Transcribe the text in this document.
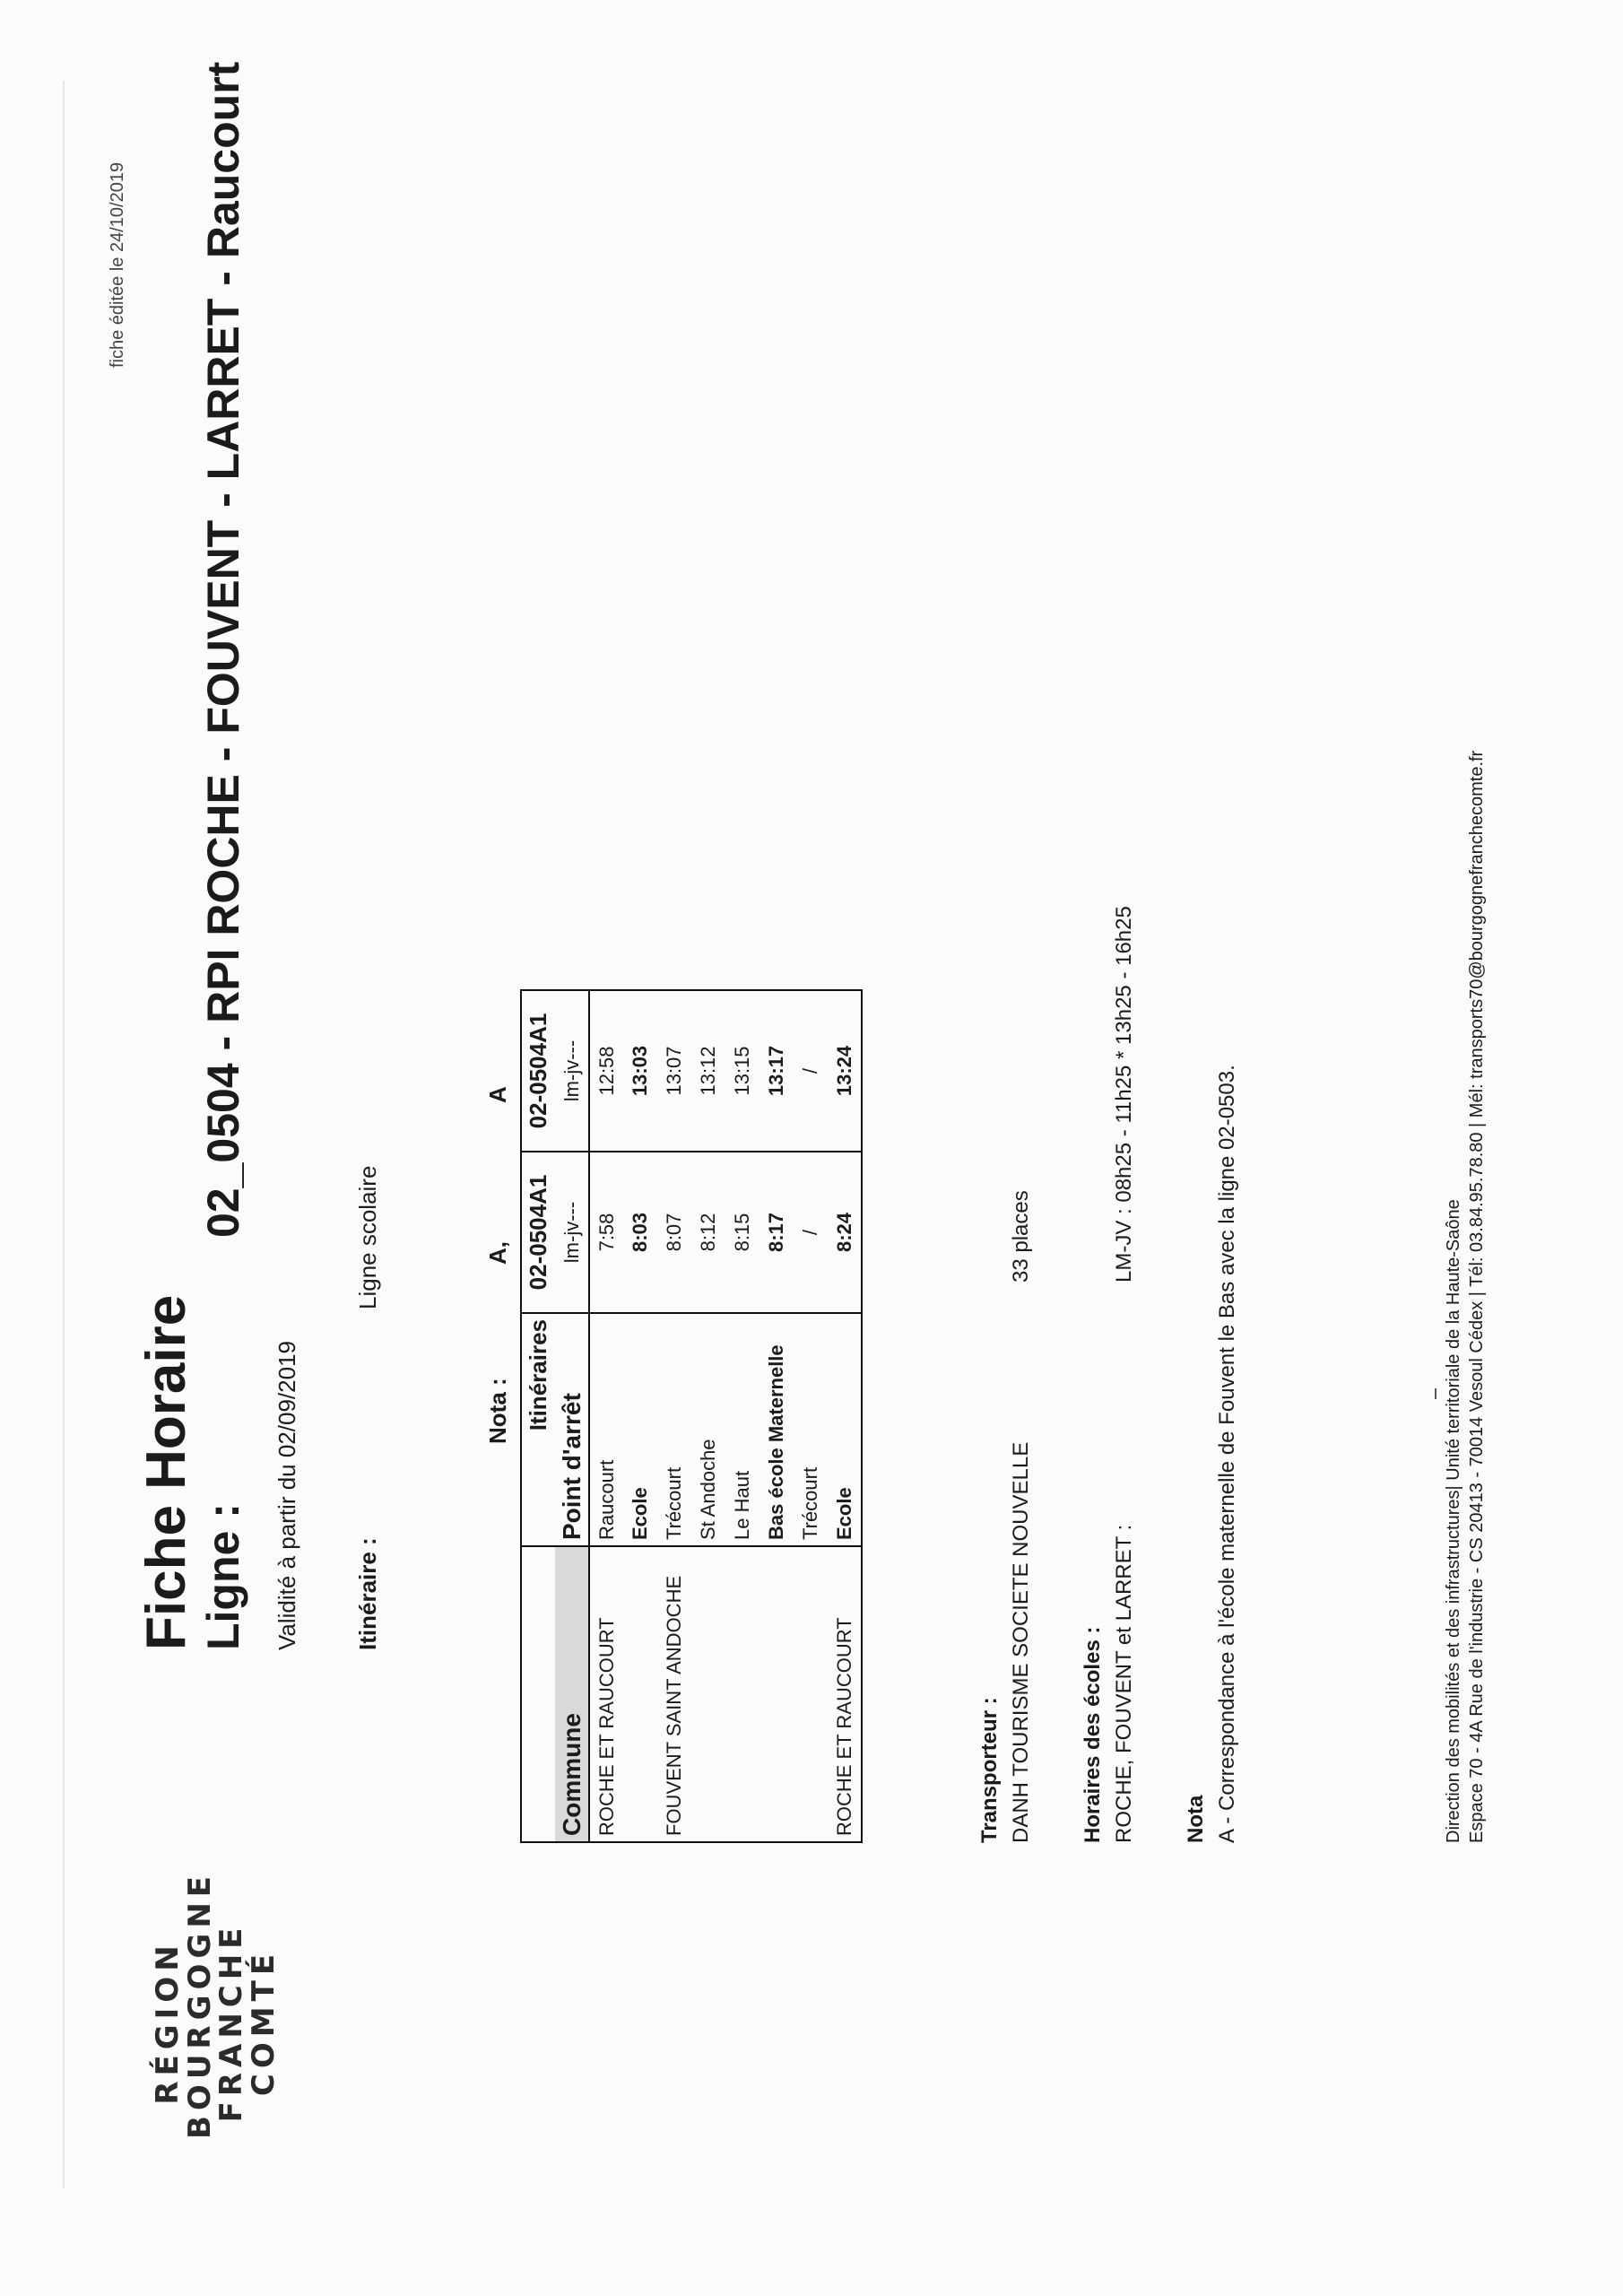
RÉGION
BOURGOGNE
FRANCHE
COMTÉ
Fiche Horaire Ligne :
02_0504 - RPI ROCHE - FOUVENT - LARRET - Raucourt
Validité à partir du 02/09/2019 Itinéraire :
Ligne scolaire
fiche éditée le 24/10/2019
Nota :
A,
A
	Itinéraires	02-0504A1	02-0504A1
Commune	Point d'arrêt	lm-jv---	lm-jv---
ROCHE ET RAUCOURT	Raucourt	7:58	12:58
	Ecole	8:03	13:03
FOUVENT SAINT ANDOCHE	Trécourt	8:07	13:07
	St Andoche	8:12	13:12
	Le Haut	8:15	13:15
	Bas école Maternelle	8:17	13:17
	Trécourt	/	/
ROCHE ET RAUCOURT	Ecole	8:24	13:24
Transporteur : DANH TOURISME SOCIETE NOUVELLE
33 places
Horaires des écoles : ROCHE, FOUVENT et LARRET :
LM-JV : 08h25 - 11h25 * 13h25 - 16h25
Nota A - Correspondance à l'école maternelle de Fouvent le Bas avec la ligne 02-0503.	Direction des mobilités et des infrastructures| Unité territoriale de la Haute-Saône Espace 70 - 4A Rue de l'industrie - CS 20413 - 70014 Vesoul Cédex | Tél: 03.84.95.78.80 | Mél: transports70@bourgognefranchecomte.fr
